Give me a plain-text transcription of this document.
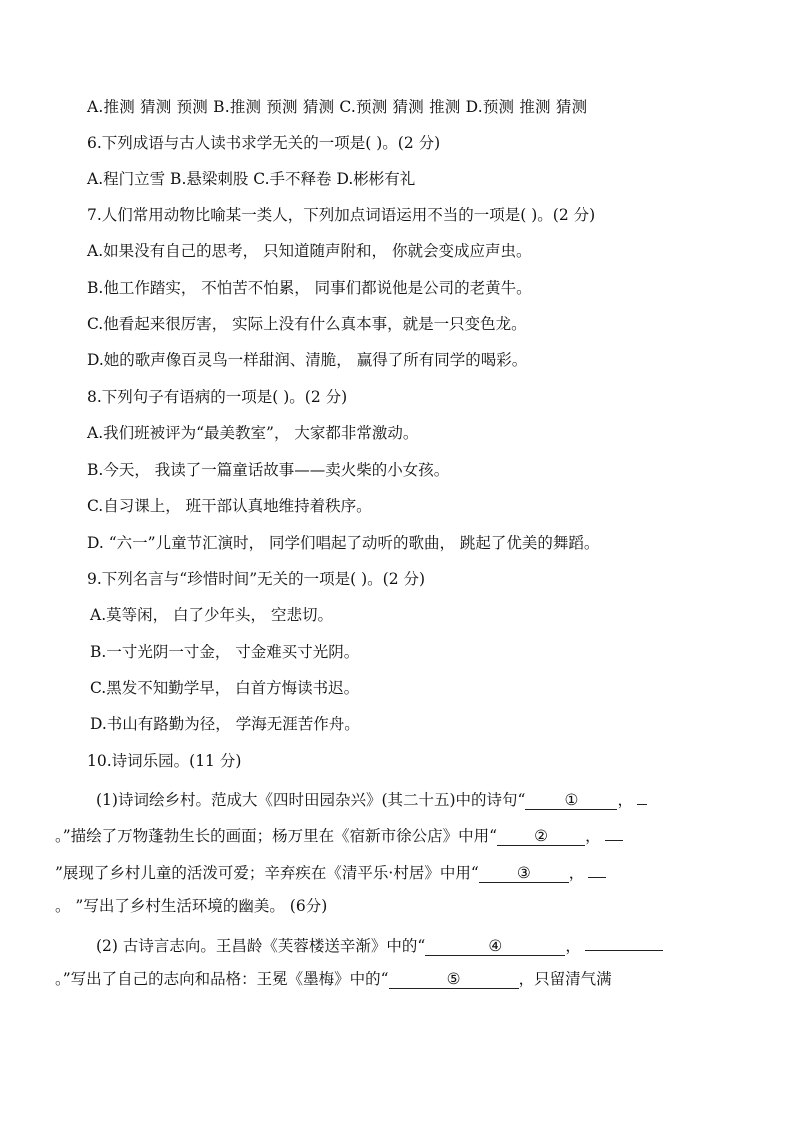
A.推测 猜测 预测 B.推测 预测 猜测 C.预测 猜测 推测 D.预测 推测 猜测
6.下列成语与古人读书求学无关的一项是( )。(2 分)
A.程门立雪 B.悬梁刺股 C.手不释卷 D.彬彬有礼
7.人们常用动物比喻某一类人，下列加点词语运用不当的一项是( )。(2 分)
A.如果没有自己的思考， 只知道随声附和， 你就会变成应声虫。
B.他工作踏实， 不怕苦不怕累， 同事们都说他是公司的老黄牛。
C.他看起来很厉害， 实际上没有什么真本事，就是一只变色龙。
D.她的歌声像百灵鸟一样甜润、清脆， 赢得了所有同学的喝彩。
8.下列句子有语病的一项是( )。(2 分)
A.我们班被评为“最美教室”， 大家都非常激动。
B.今天， 我读了一篇童话故事——卖火柴的小女孩。
C.自习课上， 班干部认真地维持着秩序。
D. “六一”儿童节汇演时， 同学们唱起了动听的歌曲， 跳起了优美的舞蹈。
9.下列名言与“珍惜时间”无关的一项是( )。(2 分)
A.莫等闲， 白了少年头， 空悲切。
B.一寸光阴一寸金， 寸金难买寸光阴。
C.黑发不知勤学早， 白首方悔读书迟。
D.书山有路勤为径， 学海无涯苦作舟。
10.诗词乐园。(11 分)
(1)诗词绘乡村。范成大《四时田园杂兴》(其二十五)中的诗句“	①	，
。”描绘了万物蓬勃生长的画面；杨万里在《宿新市徐公店》中用“ ② ，
”展现了乡村儿童的活泼可爱；辛弃疾在《清平乐·村居》中用“ ③ ，
。 ”写出了乡村生活环境的幽美。 (6分)
(2) 古诗言志向。王昌龄《芙蓉楼送辛渐》中的“	④	，
。”写出了自己的志向和品格：王冕《墨梅》中的“	⑤	，只留清气满
